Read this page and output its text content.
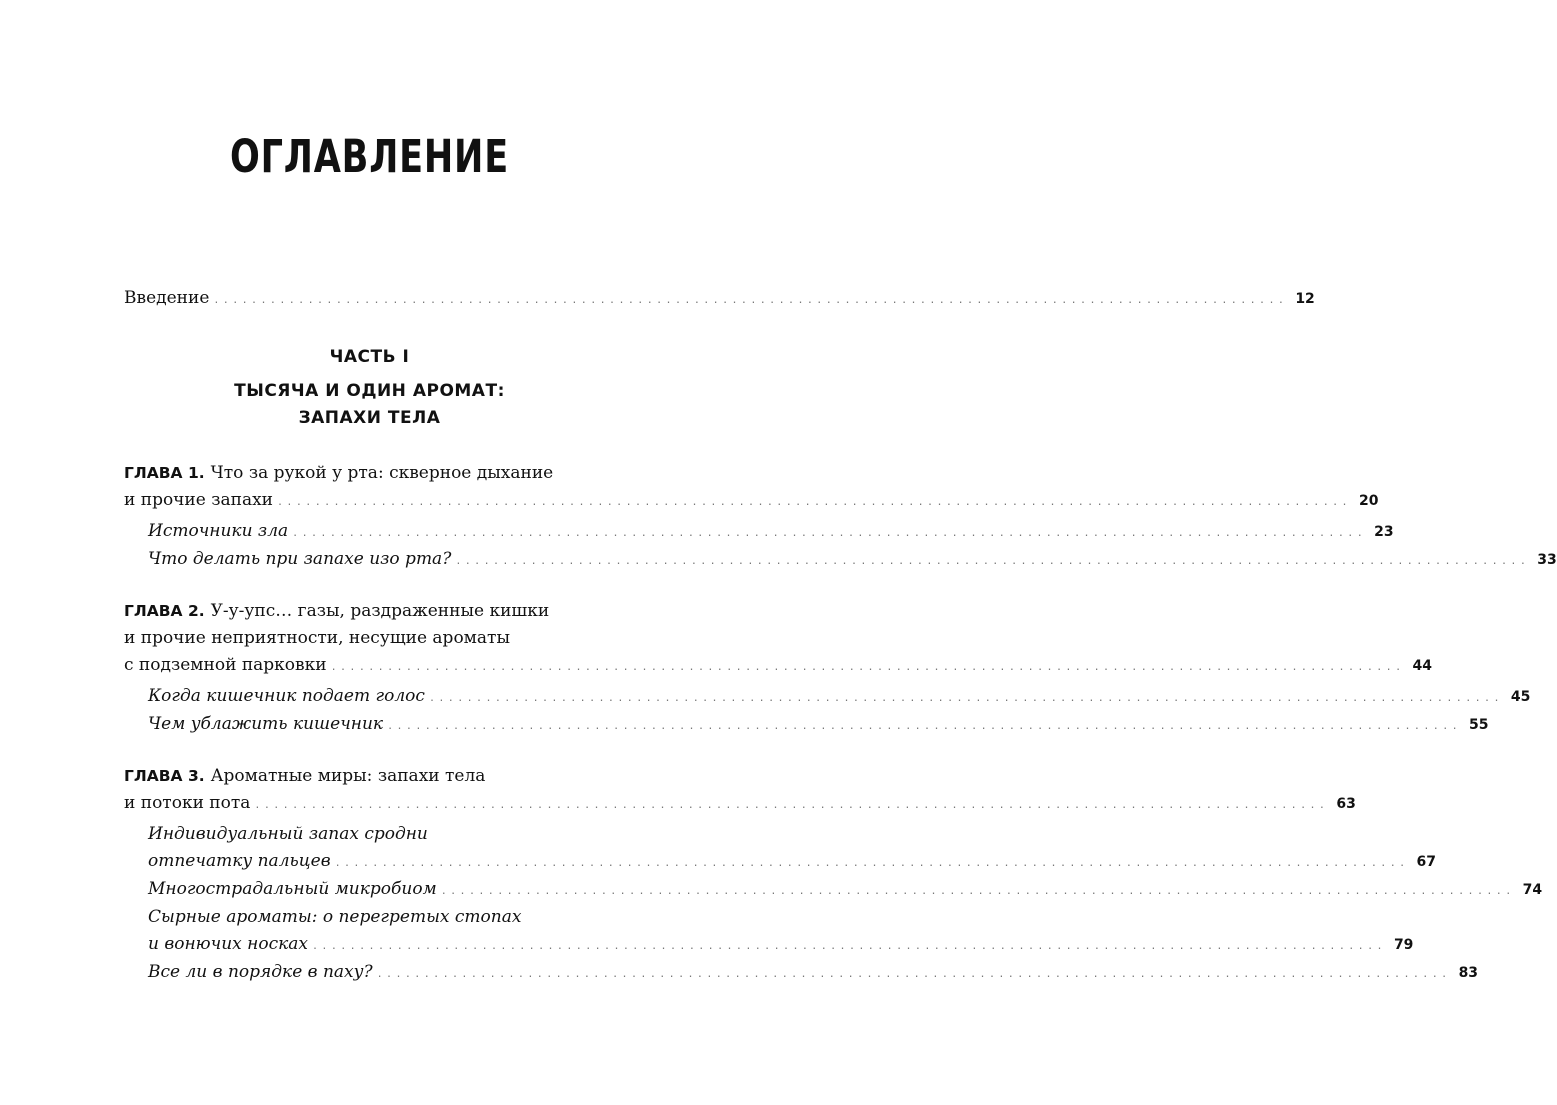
ОГЛАВЛЕНИЕ
ЧАСТЬ I
ТЫСЯЧА И ОДИН АРОМАТ:
ЗАПАХИ ТЕЛА
Введение .................................................................................................................. 12
ГЛАВА 1. Что за рукой у рта: скверное дыхание
и прочие запахи .................................................................................................................. 20
Источники зла .................................................................................................................. 23
Что делать при запахе изо рта? .................................................................................................................. 33
ГЛАВА 2. У-у-упс… газы, раздраженные кишки
и прочие неприятности, несущие ароматы
с подземной парковки .................................................................................................................. 44
Когда кишечник подает голос .................................................................................................................. 45
Чем ублажить кишечник .................................................................................................................. 55
ГЛАВА 3. Ароматные миры: запахи тела
и потоки пота .................................................................................................................. 63
Индивидуальный запах сродни
отпечатку пальцев .................................................................................................................. 67
Многострадальный микробиом .................................................................................................................. 74
Сырные ароматы: о перегретых стопах
и вонючих носках .................................................................................................................. 79
Все ли в порядке в паху? .................................................................................................................. 83
